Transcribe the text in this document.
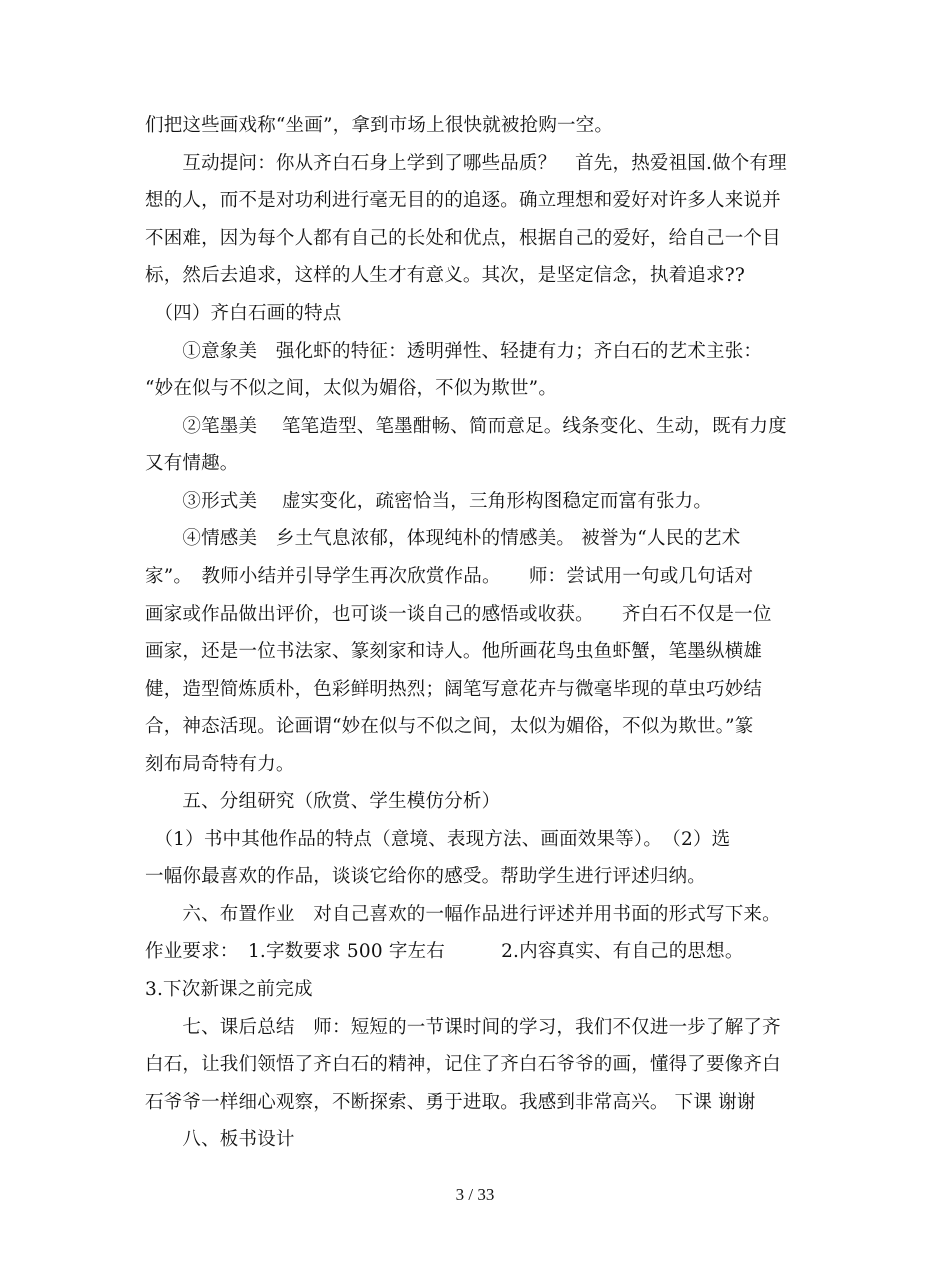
们把这些画戏称“坐画”，拿到市场上很快就被抢购一空。
　　互动提问：你从齐白石身上学到了哪些品质？　首先，热爱祖国.做个有理
想的人，而不是对功利进行毫无目的的追逐。确立理想和爱好对许多人来说并
不困难，因为每个人都有自己的长处和优点，根据自己的爱好，给自己一个目
标，然后去追求，这样的人生才有意义。其次，是坚定信念，执着追求??
　（四）齐白石画的特点
　　①意象美　强化虾的特征：透明弹性、轻捷有力；齐白石的艺术主张：
“妙在似与不似之间，太似为媚俗，不似为欺世”。
　　②笔墨美　 笔笔造型、笔墨酣畅、简而意足。线条变化、生动，既有力度
又有情趣。
　　③形式美　 虚实变化，疏密恰当，三角形构图稳定而富有张力。
　　④情感美　乡土气息浓郁，体现纯朴的情感美。 被誉为“人民的艺术
家”。　教师小结并引导学生再次欣赏作品。　　师：尝试用一句或几句话对
画家或作品做出评价，也可谈一谈自己的感悟或收获。　　齐白石不仅是一位
画家，还是一位书法家、篆刻家和诗人。他所画花鸟虫鱼虾蟹，笔墨纵横雄
健，造型简炼质朴，色彩鲜明热烈；阔笔写意花卉与微毫毕现的草虫巧妙结
合，神态活现。论画谓“妙在似与不似之间，太似为媚俗，不似为欺世。”篆
刻布局奇特有力。
　　五、分组研究（欣赏、学生模仿分析）
　（1）书中其他作品的特点（意境、表现方法、画面效果等）。　（2）选
一幅你最喜欢的作品，谈谈它给你的感受。帮助学生进行评述归纳。
　　六、布置作业　对自己喜欢的一幅作品进行评述并用书面的形式写下来。
作业要求：　1.字数要求 500 字左右　　　2.内容真实、有自己的思想。
3.下次新课之前完成
　　七、课后总结　师：短短的一节课时间的学习，我们不仅进一步了解了齐
白石，让我们领悟了齐白石的精神，记住了齐白石爷爷的画，懂得了要像齐白
石爷爷一样细心观察，不断探索、勇于进取。我感到非常高兴。 下课 谢谢
　　八、板书设计
3 / 33
